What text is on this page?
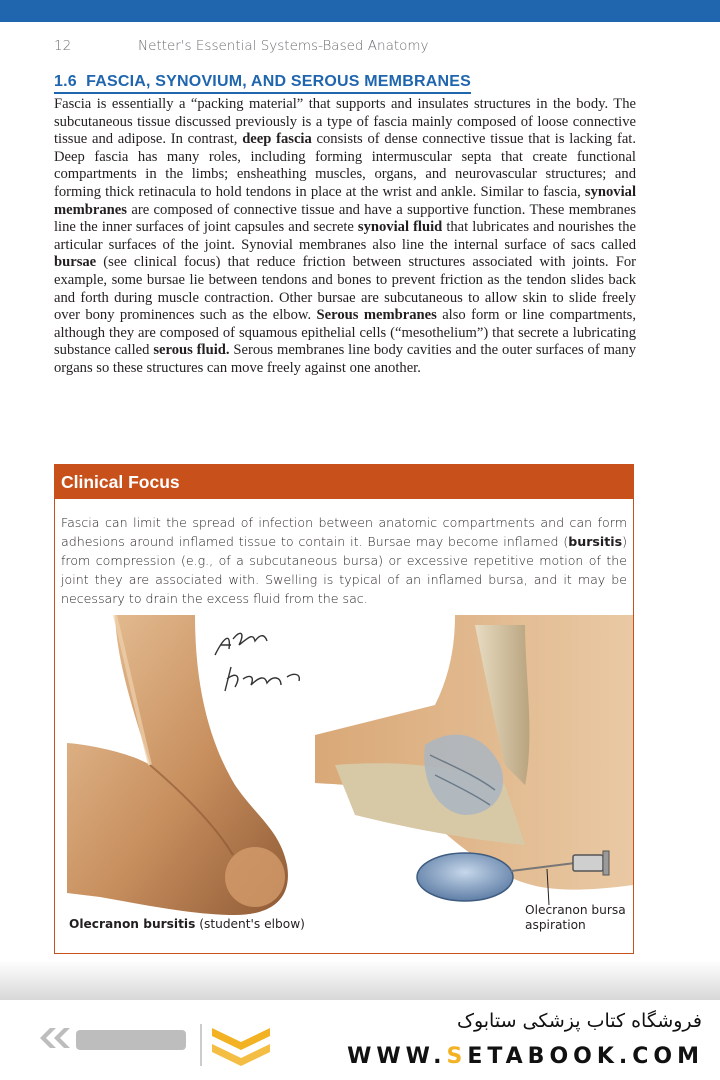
12	Netter's Essential Systems-Based Anatomy
1.6  FASCIA, SYNOVIUM, AND SEROUS MEMBRANES
Fascia is essentially a “packing material” that supports and insulates structures in the body. The subcutaneous tissue discussed previously is a type of fascia mainly composed of loose connective tissue and adipose. In contrast, deep fascia consists of dense connective tissue that is lacking fat. Deep fascia has many roles, including forming intermuscular septa that create functional compartments in the limbs; ensheathing muscles, organs, and neurovascular structures; and forming thick retinacula to hold tendons in place at the wrist and ankle. Similar to fascia, synovial membranes are composed of connective tissue and have a supportive function. These membranes line the inner surfaces of joint capsules and secrete synovial fluid that lubricates and nourishes the articular surfaces of the joint. Synovial membranes also line the internal surface of sacs called bursae (see clinical focus) that reduce friction between structures associated with joints. For example, some bursae lie between tendons and bones to prevent friction as the tendon slides back and forth during muscle contraction. Other bursae are subcutaneous to allow skin to slide freely over bony prominences such as the elbow. Serous membranes also form or line compartments, although they are composed of squamous epithelial cells (“mesothelium”) that secrete a lubricating substance called serous fluid. Serous membranes line body cavities and the outer surfaces of many organs so these structures can move freely against one another.
Clinical Focus
Fascia can limit the spread of infection between anatomic compartments and can form adhesions around inflamed tissue to contain it. Bursae may become inflamed (bursitis) from compression (e.g., of a subcutaneous bursa) or excessive repetitive motion of the joint they are associated with. Swelling is typical of an inflamed bursa, and it may be necessary to drain the excess fluid from the sac.
Olecranon bursitis (student's elbow)
Olecranon bursa
aspiration
فروشگاه کتاب پزشکی ستابوک
WWW.SETABOOK.COM
